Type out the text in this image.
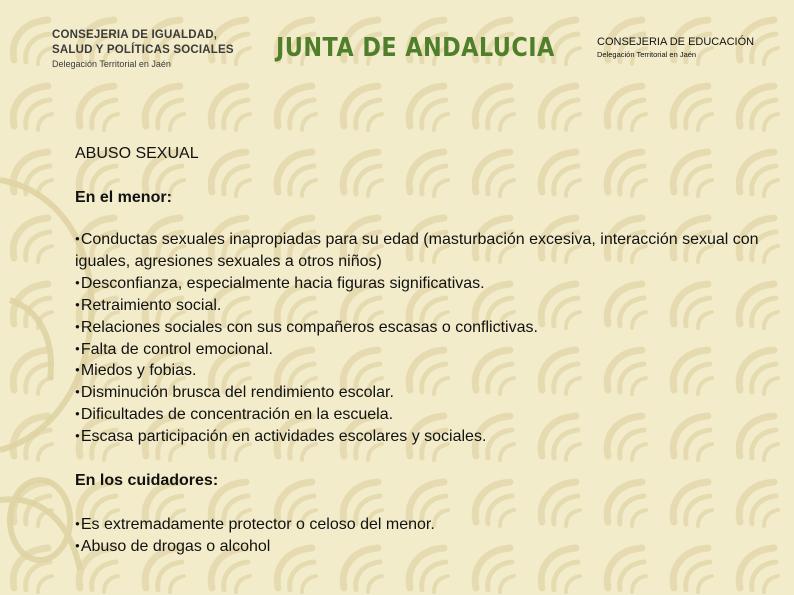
CONSEJERIA DE IGUALDAD,
SALUD Y POLÍTICAS SOCIALES
Delegación Territorial en Jaén
JUNTA DE ANDALUCIA	CONSEJERIA DE EDUCACIÓN
Delegación Territorial en Jaén
ABUSO SEXUAL
En el menor:
●Conductas sexuales inapropiadas para su edad (masturbación excesiva, interacción sexual con iguales, agresiones sexuales a otros niños)
●Desconfianza, especialmente hacia figuras significativas.
●Retraimiento social.
●Relaciones sociales con sus compañeros escasas o conflictivas.
●Falta de control emocional.
●Miedos y fobias.
●Disminución brusca del rendimiento escolar.
●Dificultades de concentración en la escuela.
●Escasa participación en actividades escolares y sociales.
En los cuidadores:
●Es extremadamente protector o celoso del menor.
●Abuso de drogas o alcohol
